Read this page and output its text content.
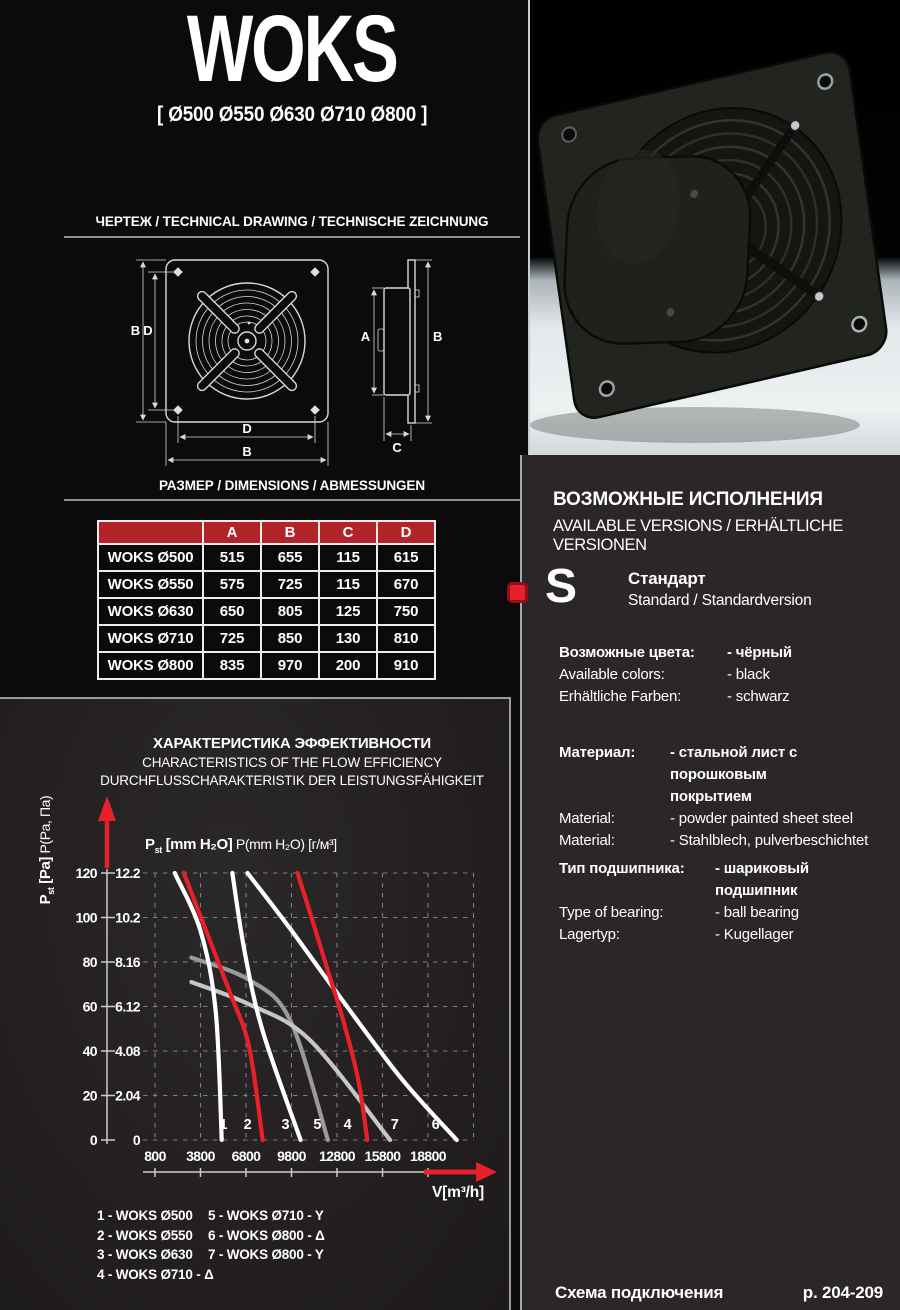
WOKS
[ Ø500 Ø550 Ø630 Ø710 Ø800 ]
ЧЕРТЕЖ / TECHNICAL DRAWING / TECHNISCHE ZEICHNUNG
B D
D
B
A	B
C
РАЗМЕР / DIMENSIONS / ABMESSUNGEN
	A	B	C	D
WOKS Ø500	515	655	115	615
WOKS Ø550	575	725	115	670
WOKS Ø630	650	805	125	750
WOKS Ø710	725	850	130	810
WOKS Ø800	835	970	200	910
ХАРАКТЕРИСТИКА ЭФФЕКТИВНОСТИ
CHARACTERISTICS OF THE FLOW EFFICIENCY
DURCHFLUSSCHARAKTERISTIK DER LEISTUNGSFÄHIGKEIT
0	0
20 2.04
40 4.08
60 6.12
80 8.16
100 10.2
120 12.2
800 3800 6800 9800 12800 15800 18800
V[m³/h]
$P_{st}$ [mm H₂O] P(mm H₂O) [г/м³]
$P_{st}$ [Pa] P(Pa, Па)
1 2 3	4
5	6
7
1 - WOKS Ø500
2 - WOKS Ø550
3 - WOKS Ø630
4 - WOKS Ø710 - Δ
5 - WOKS Ø710 - Y
6 - WOKS Ø800 - Δ
7 - WOKS Ø800 - Y
ВОЗМОЖНЫЕ ИСПОЛНЕНИЯ
AVAILABLE VERSIONS / ERHÄLTLICHE VERSIONEN
S	Стандарт
Standard / Standardversion
Возможные цвета:	- чёрный
Available colors:	- black
Erhältliche Farben:	- schwarz
Материал:	- стальной лист с порошковым
покрытием
Material:	- powder painted sheet steel
Material:	- Stahlblech, pulverbeschichtet
Тип подшипника:	- шариковый подшипник
Type of bearing:	- ball bearing
Lagertyp:	- Kugellager
Схема подключения	p. 204-209
